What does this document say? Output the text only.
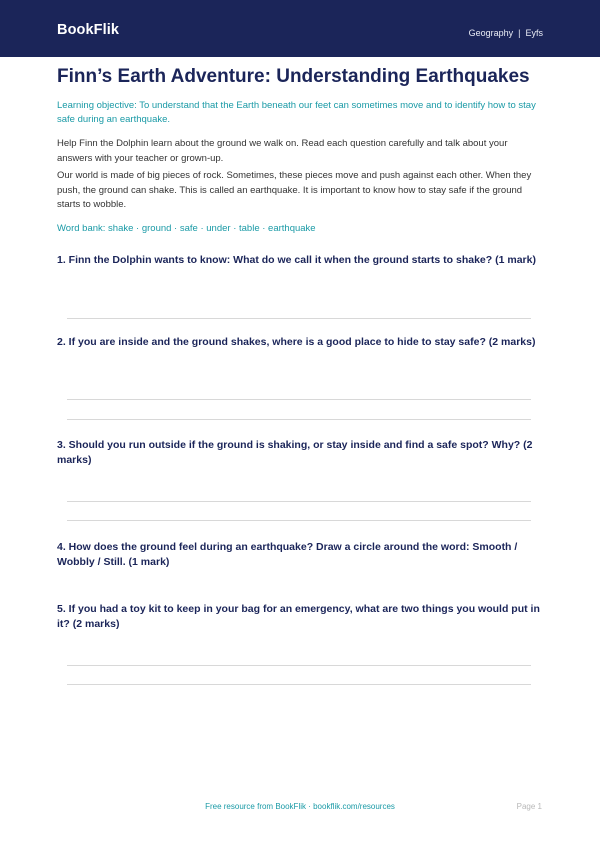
BookFlik	Geography | Eyfs
Finn’s Earth Adventure: Understanding Earthquakes
Learning objective: To understand that the Earth beneath our feet can sometimes move and to identify how to stay safe during an earthquake.

Help Finn the Dolphin learn about the ground we walk on. Read each question carefully and talk about your answers with your teacher or grown-up.

Our world is made of big pieces of rock. Sometimes, these pieces move and push against each other. When they push, the ground can shake. This is called an earthquake. It is important to know how to stay safe if the ground starts to wobble.

Word bank: shake · ground · safe · under · table · earthquake

1. Finn the Dolphin wants to know: What do we call it when the ground starts to shake? (1 mark)

2. If you are inside and the ground shakes, where is a good place to hide to stay safe? (2 marks)

3. Should you run outside if the ground is shaking, or stay inside and find a safe spot? Why? (2 marks)

4. How does the ground feel during an earthquake? Draw a circle around the word: Smooth / Wobbly / Still. (1 mark)

5. If you had a toy kit to keep in your bag for an emergency, what are two things you would put in it? (2 marks)

Free resource from BookFlik · bookflik.com/resources	Page 1
